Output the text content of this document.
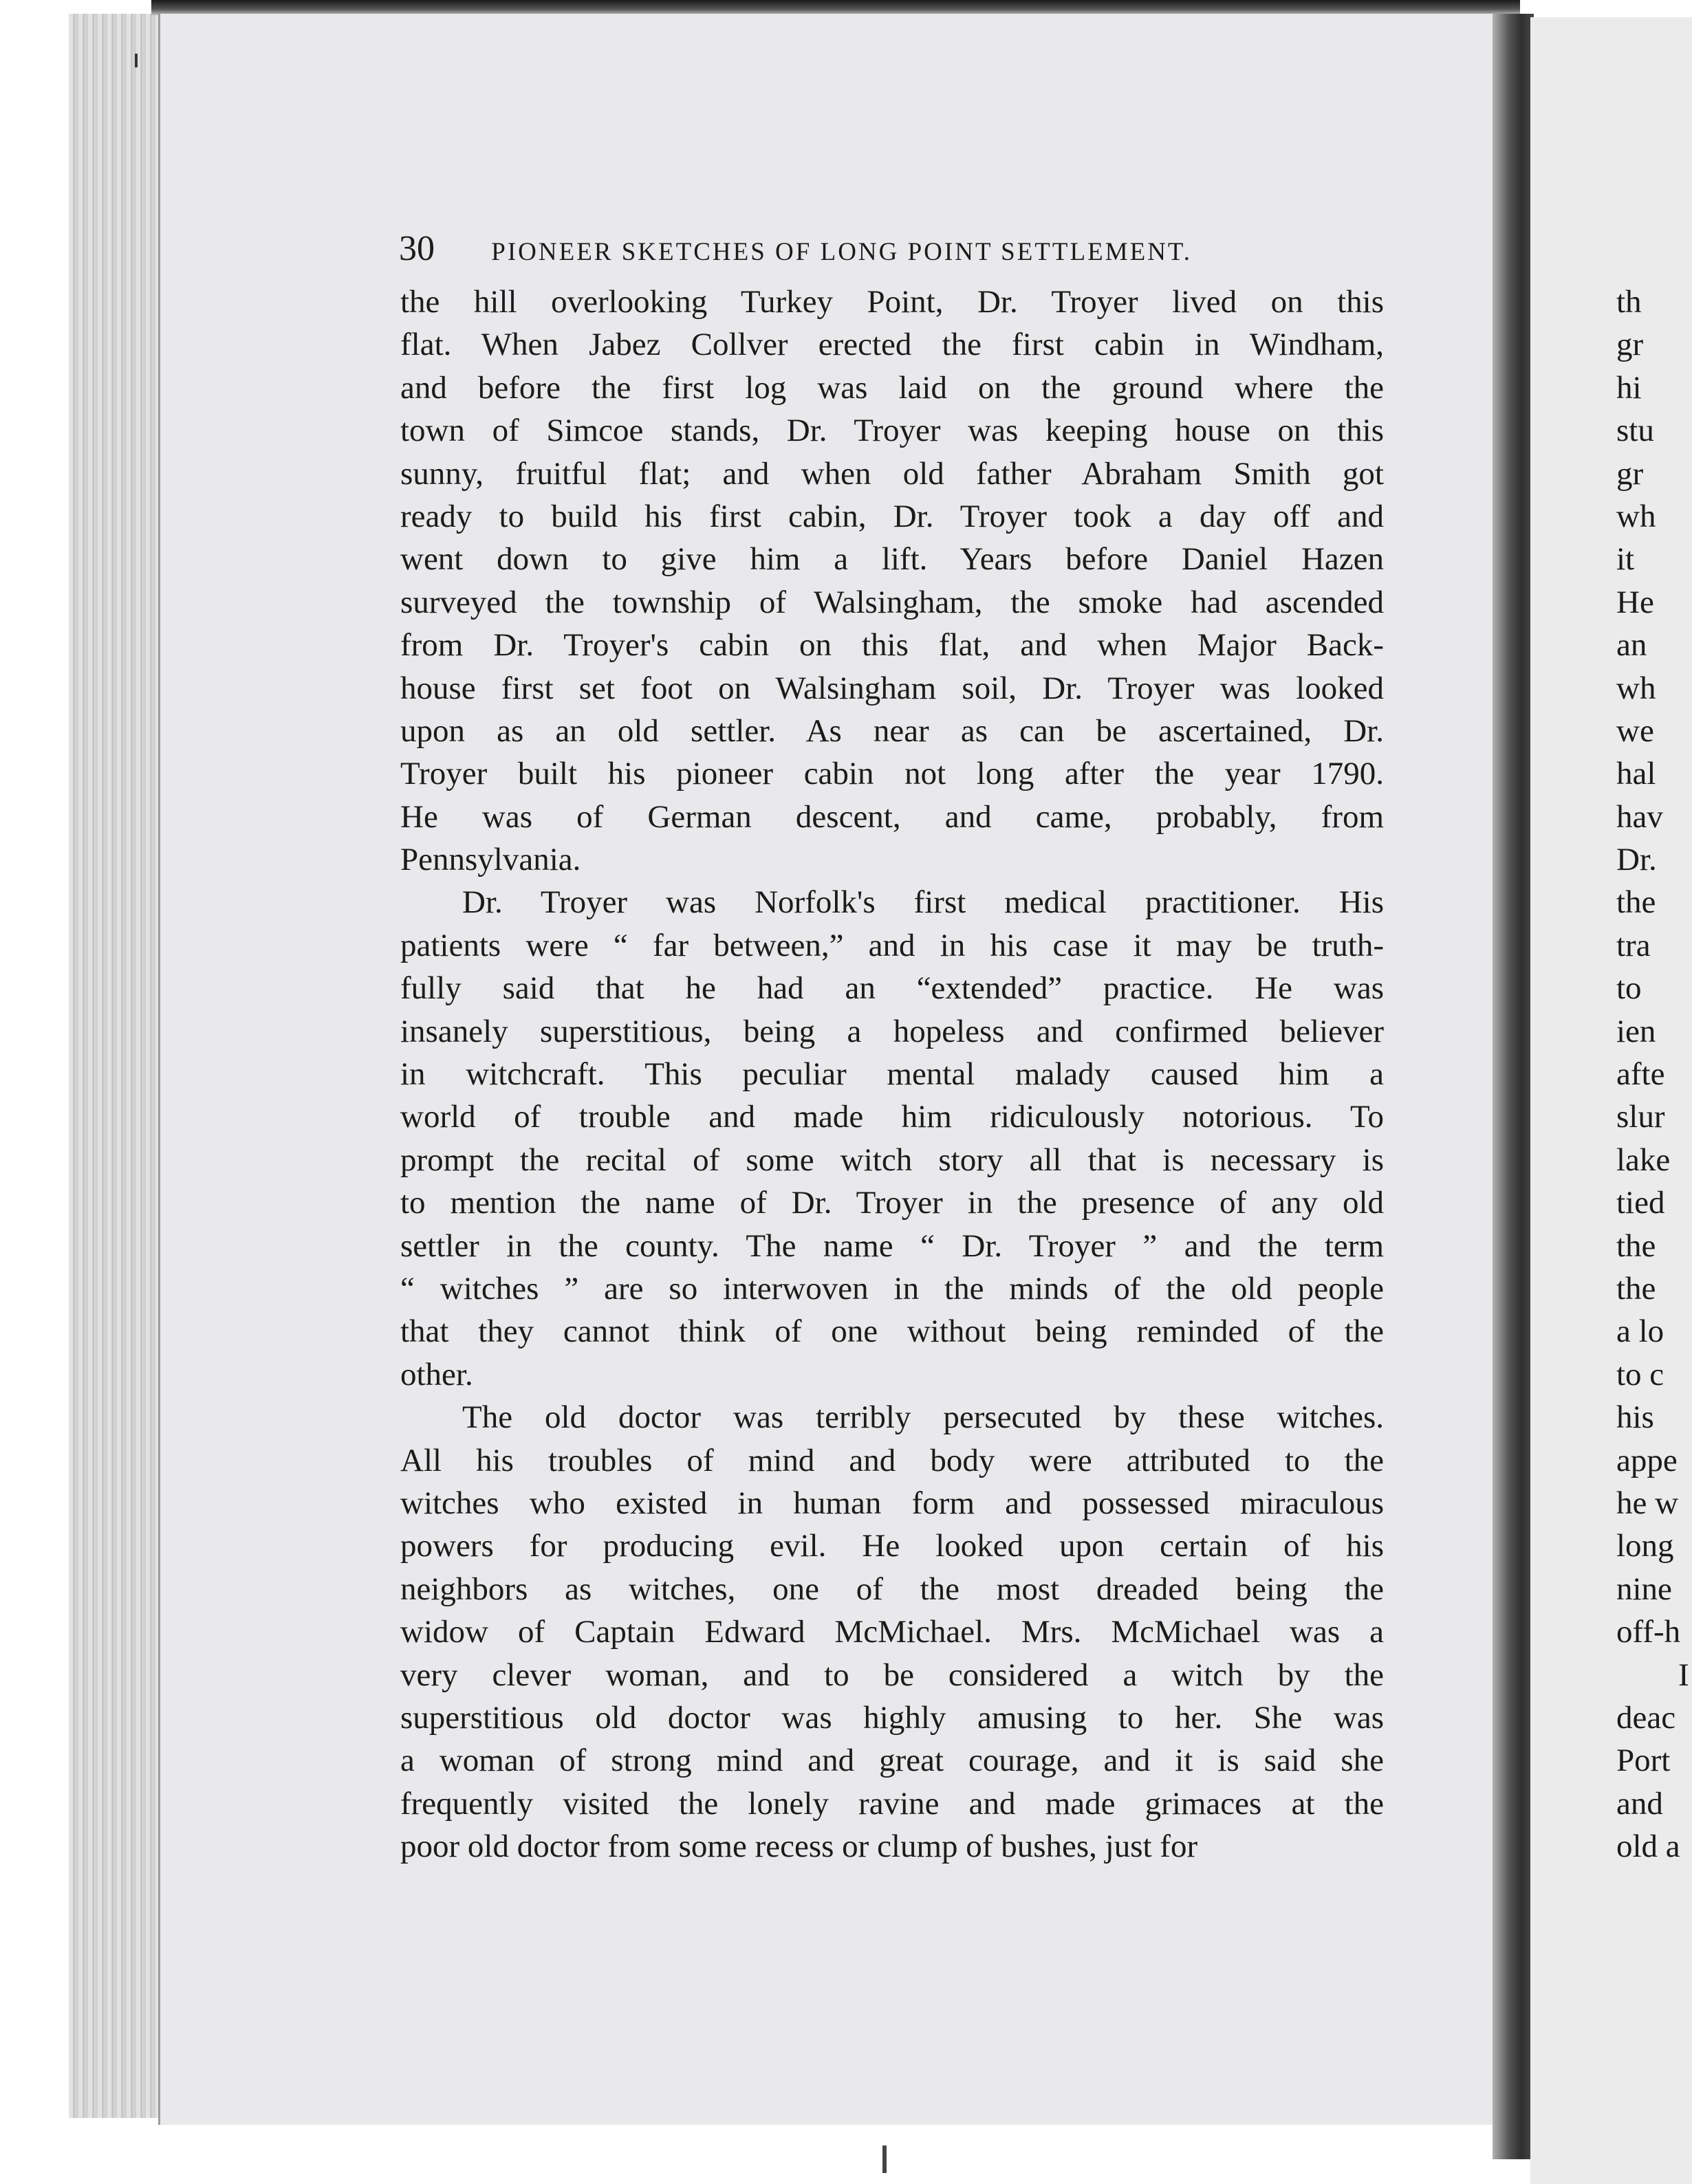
30 PIONEER SKETCHES OF LONG POINT SETTLEMENT.
the hill overlooking Turkey Point, Dr. Troyer lived on this
flat. When Jabez Collver erected the first cabin in Windham,
and before the first log was laid on the ground where the
town of Simcoe stands, Dr. Troyer was keeping house on this
sunny, fruitful flat; and when old father Abraham Smith got
ready to build his first cabin, Dr. Troyer took a day off and
went down to give him a lift. Years before Daniel Hazen
surveyed the township of Walsingham, the smoke had ascended
from Dr. Troyer's cabin on this flat, and when Major Back-
house first set foot on Walsingham soil, Dr. Troyer was looked
upon as an old settler. As near as can be ascertained, Dr.
Troyer built his pioneer cabin not long after the year 1790.
He was of German descent, and came, probably, from
Pennsylvania.
Dr. Troyer was Norfolk's first medical practitioner. His
patients were “ far between,” and in his case it may be truth-
fully said that he had an “extended” practice. He was
insanely superstitious, being a hopeless and confirmed believer
in witchcraft. This peculiar mental malady caused him a
world of trouble and made him ridiculously notorious. To
prompt the recital of some witch story all that is necessary is
to mention the name of Dr. Troyer in the presence of any old
settler in the county. The name “ Dr. Troyer ” and the term
“ witches ” are so interwoven in the minds of the old people
that they cannot think of one without being reminded of the
other.
The old doctor was terribly persecuted by these witches.
All his troubles of mind and body were attributed to the
witches who existed in human form and possessed miraculous
powers for producing evil. He looked upon certain of his
neighbors as witches, one of the most dreaded being the
widow of Captain Edward McMichael. Mrs. McMichael was a
very clever woman, and to be considered a witch by the
superstitious old doctor was highly amusing to her. She was
a woman of strong mind and great courage, and it is said she
frequently visited the lonely ravine and made grimaces at the
poor old doctor from some recess or clump of bushes, just for
th
gr
hi
stu
gr
wh
it
He
an
wh
we
hal
hav
Dr.
the
tra
to
ien
afte
slur
lake
tied
the
the
a lo
to c
his
appe
he w
long
nine
off-h
I
deac
Port
and
old a
